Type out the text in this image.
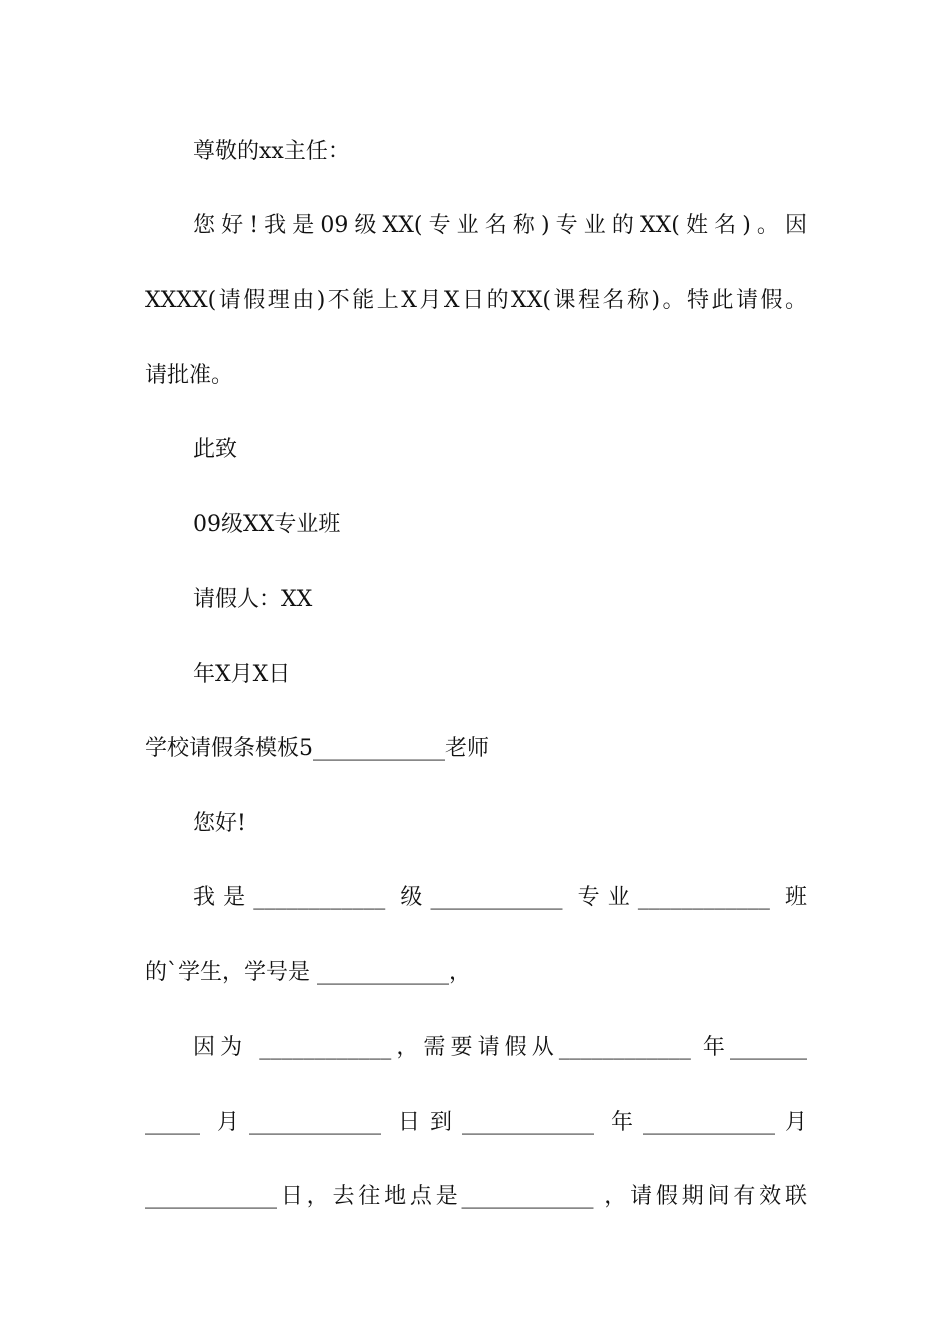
尊敬的xx主任：
您好!我是09级XX(专业名称)专业的XX(姓名)。因
XXXX(请假理由)不能上X月X日的XX(课程名称)。特此请假。
请批准。
此致
09级XX专业班
请假人：XX
年X月X日
学校请假条模板5____________老师
您好!
我是____________ 级____________ 专业____________ 班
的`学生，学号是 ____________，
因为 ____________，需要请假从____________ 年_______
_____ 月____________ 日到____________ 年____________月
____________日，去往地点是____________ ，请假期间有效联
